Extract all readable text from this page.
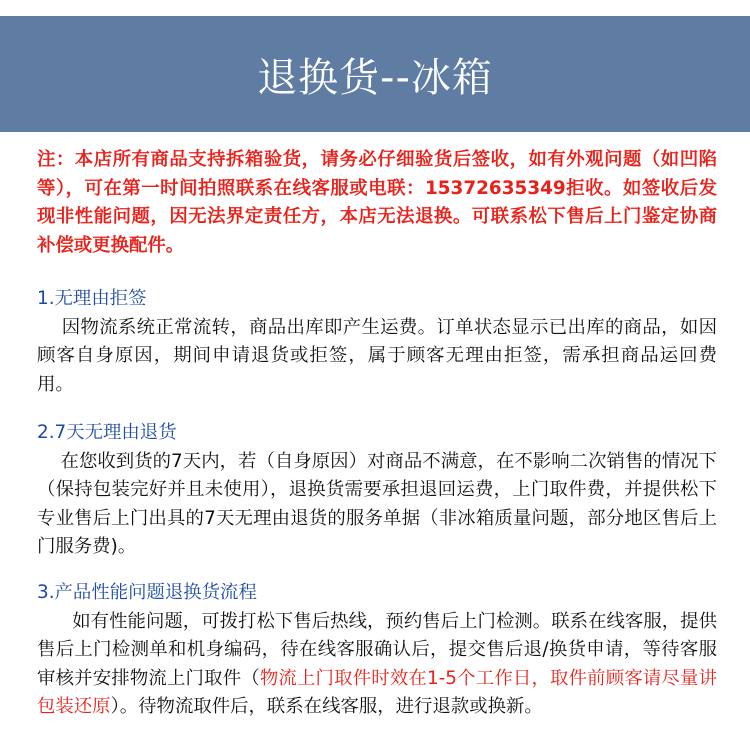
退换货--冰箱

注：本店所有商品支持拆箱验货，请务必仔细验货后签收，如有外观问题（如凹陷等），可在第一时间拍照联系在线客服或电联：15372635349拒收。如签收后发现非性能问题，因无法界定责任方，本店无法退换。可联系松下售后上门鉴定协商补偿或更换配件。

1.无理由拒签

因物流系统正常流转，商品出库即产生运费。订单状态显示已出库的商品，如因顾客自身原因，期间申请退货或拒签，属于顾客无理由拒签，需承担商品运回费用。

2.7天无理由退货

在您收到货的7天内，若（自身原因）对商品不满意，在不影响二次销售的情况下（保持包装完好并且未使用），退换货需要承担退回运费，上门取件费，并提供松下专业售后上门出具的7天无理由退货的服务单据（非冰箱质量问题，部分地区售后上门服务费)。

3.产品性能问题退换货流程

如有性能问题，可拨打松下售后热线，预约售后上门检测。联系在线客服，提供售后上门检测单和机身编码，待在线客服确认后，提交售后退/换货申请，等待客服审核并安排物流上门取件（物流上门取件时效在1-5个工作日，取件前顾客请尽量讲包装还原）。待物流取件后，联系在线客服，进行退款或换新。
